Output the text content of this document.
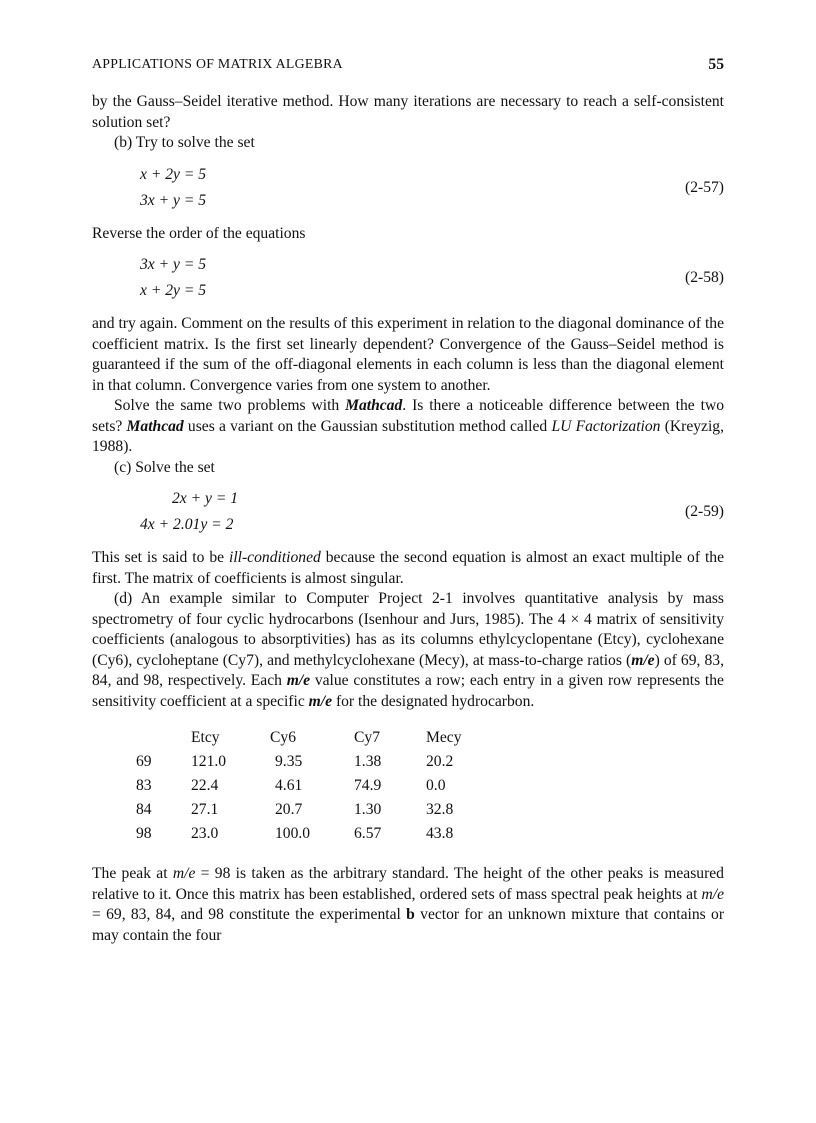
APPLICATIONS OF MATRIX ALGEBRA	55

by the Gauss–Seidel iterative method. How many iterations are necessary to reach a self-consistent solution set?

(b) Try to solve the set

x + 2y = 5
3x + y = 5
(2-57)

Reverse the order of the equations

3x + y = 5
x + 2y = 5
(2-58)

and try again. Comment on the results of this experiment in relation to the diagonal dominance of the coefficient matrix. Is the first set linearly dependent? Convergence of the Gauss–Seidel method is guaranteed if the sum of the off-diagonal elements in each column is less than the diagonal element in that column. Convergence varies from one system to another.

Solve the same two problems with Mathcad. Is there a noticeable difference between the two sets? Mathcad uses a variant on the Gaussian substitution method called LU Factorization (Kreyzig, 1988).

(c) Solve the set

2x + y = 1
4x + 2.01y = 2
(2-59)

This set is said to be ill-conditioned because the second equation is almost an exact multiple of the first. The matrix of coefficients is almost singular.

(d) An example similar to Computer Project 2-1 involves quantitative analysis by mass spectrometry of four cyclic hydrocarbons (Isenhour and Jurs, 1985). The 4 × 4 matrix of sensitivity coefficients (analogous to absorptivities) has as its columns ethylcyclopentane (Etcy), cyclohexane (Cy6), cycloheptane (Cy7), and methylcyclohexane (Mecy), at mass-to-charge ratios (m/e) of 69, 83, 84, and 98, respectively. Each m/e value constitutes a row; each entry in a given row represents the sensitivity coefficient at a specific m/e for the designated hydrocarbon.

	Etcy	Cy6	Cy7	Mecy
69	121.0	9.35	1.38	20.2
83	22.4	4.61	74.9	0.0
84	27.1	20.7	1.30	32.8
98	23.0	100.0	6.57	43.8

The peak at m/e = 98 is taken as the arbitrary standard. The height of the other peaks is measured relative to it. Once this matrix has been established, ordered sets of mass spectral peak heights at m/e = 69, 83, 84, and 98 constitute the experimental b vector for an unknown mixture that contains or may contain the four
